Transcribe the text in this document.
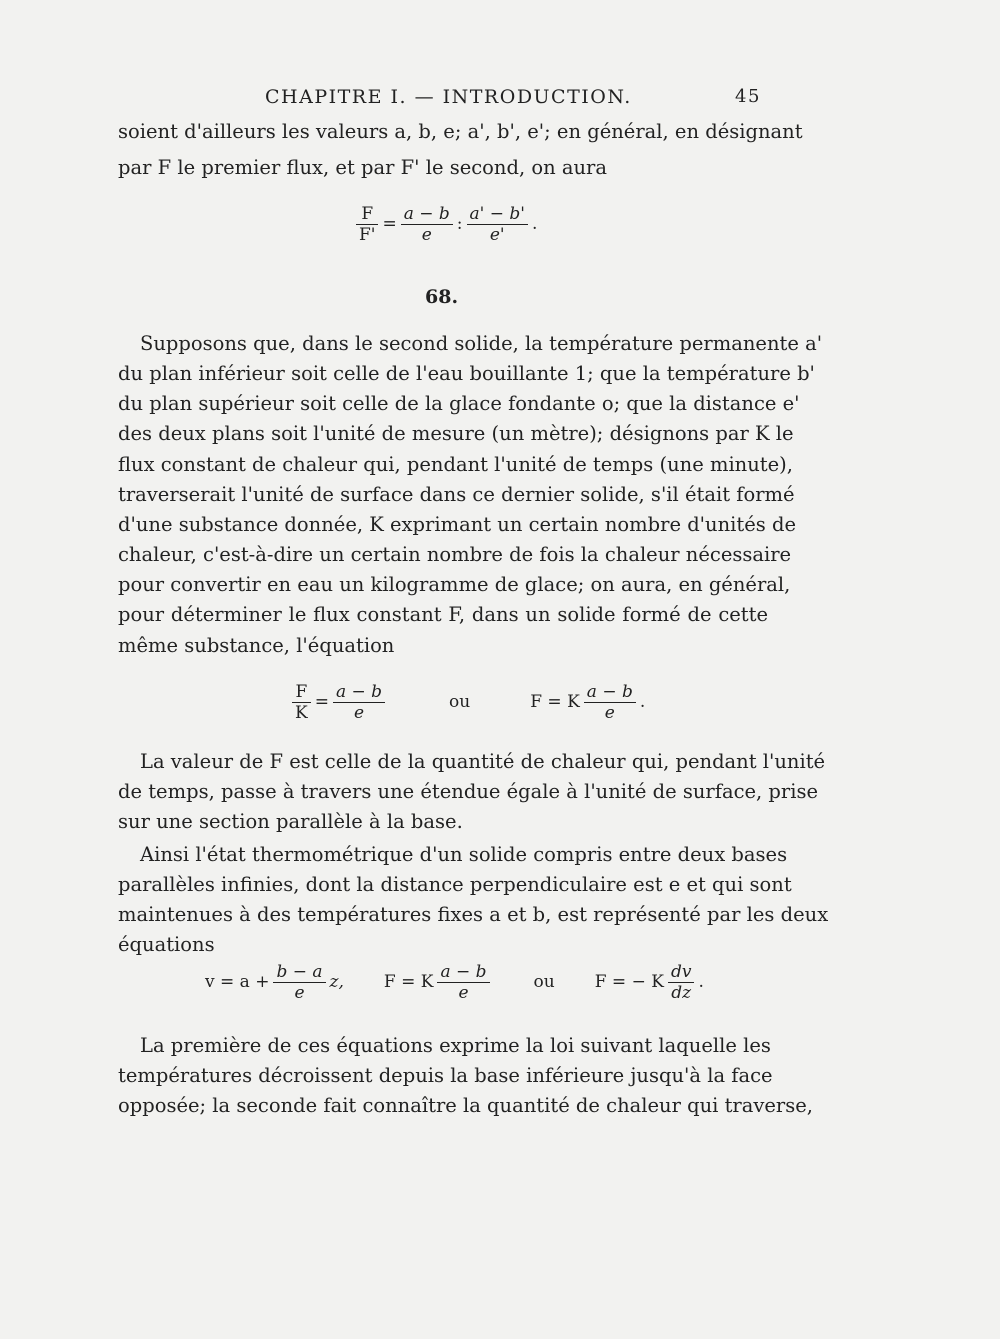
CHAPITRE I. — INTRODUCTION.	45
soient d'ailleurs les valeurs a, b, e; a', b', e'; en général, en désignant
par F le premier flux, et par F' le second, on aura
$\frac{F}{F'} = \frac{a - b}{e}$ : $\frac{a' - b'}{e'}$ .
68.
Supposons que, dans le second solide, la température permanente a'
du plan inférieur soit celle de l'eau bouillante 1; que la température b'
du plan supérieur soit celle de la glace fondante o; que la distance e'
des deux plans soit l'unité de mesure (un mètre); désignons par K le
flux constant de chaleur qui, pendant l'unité de temps (une minute),
traverserait l'unité de surface dans ce dernier solide, s'il était formé
d'une substance donnée, K exprimant un certain nombre d'unités de
chaleur, c'est-à-dire un certain nombre de fois la chaleur nécessaire
pour convertir en eau un kilogramme de glace; on aura, en général,
pour déterminer le flux constant F, dans un solide formé de cette
même substance, l'équation
$\frac{F}{K} = \frac{a - b}{e}$	ou	F = K $\frac{a - b}{e}$ .
La valeur de F est celle de la quantité de chaleur qui, pendant l'unité
de temps, passe à travers une étendue égale à l'unité de surface, prise
sur une section parallèle à la base.
Ainsi l'état thermométrique d'un solide compris entre deux bases
parallèles infinies, dont la distance perpendiculaire est e et qui sont
maintenues à des températures fixes a et b, est représenté par les deux
équations
$v = a + \frac{b - a}{e} z$, F = K $\frac{a - b}{e}$	ou F = − K $\frac{dv}{dz}$ .
La première de ces équations exprime la loi suivant laquelle les
températures décroissent depuis la base inférieure jusqu'à la face
opposée; la seconde fait connaître la quantité de chaleur qui traverse,
